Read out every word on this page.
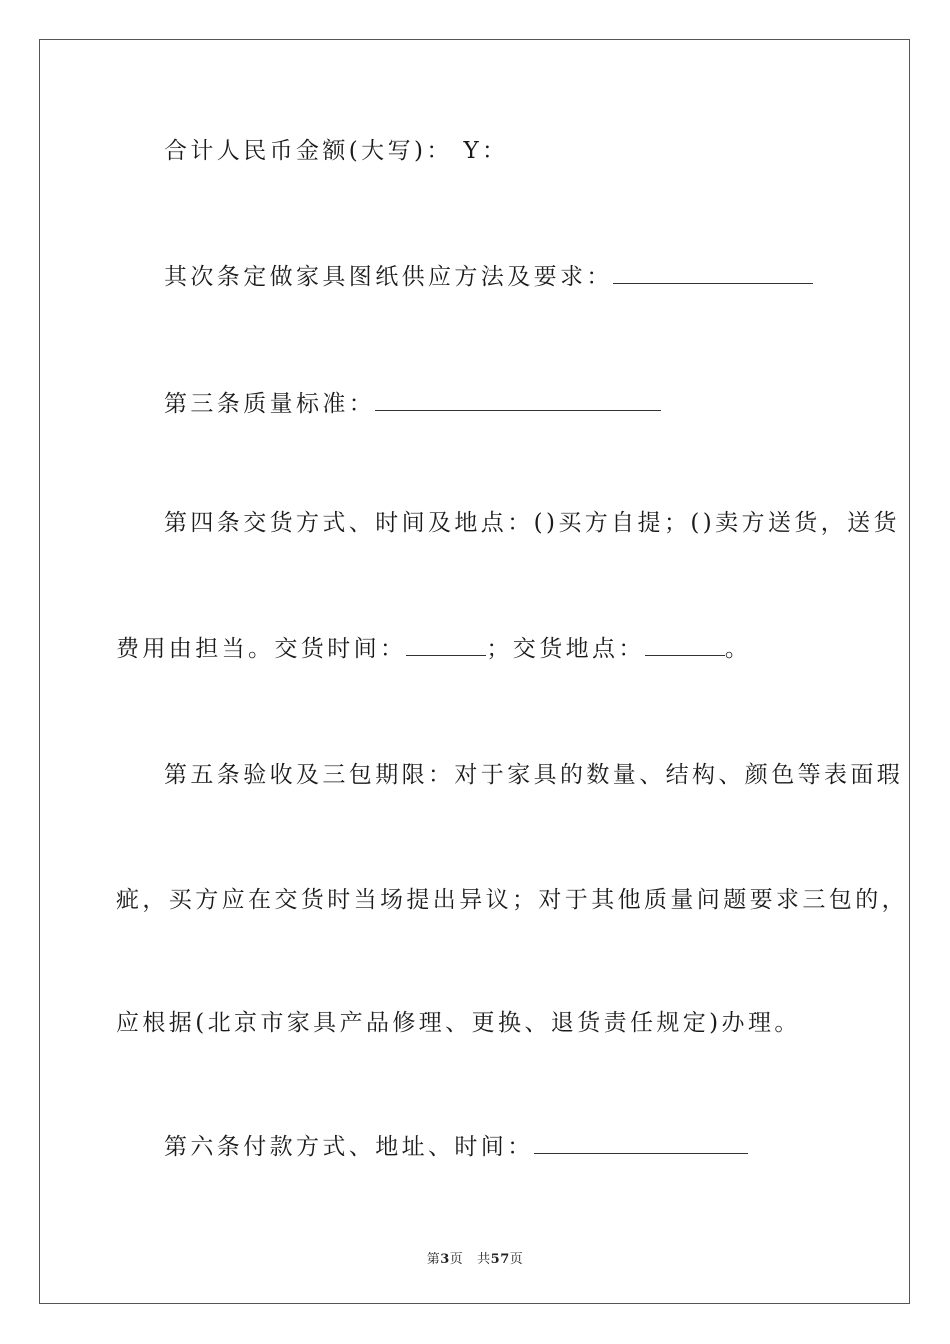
合计人民币金额(大写)： Y：
其次条定做家具图纸供应方法及要求：
第三条质量标准：
第四条交货方式、时间及地点：()买方自提；()卖方送货，送货
费用由担当。交货时间：	；交货地点：	。
第五条验收及三包期限：对于家具的数量、结构、颜色等表面瑕
疵，买方应在交货时当场提出异议；对于其他质量问题要求三包的，
应根据(北京市家具产品修理、更换、退货责任规定)办理。
第六条付款方式、地址、时间：
第3页   共57页
